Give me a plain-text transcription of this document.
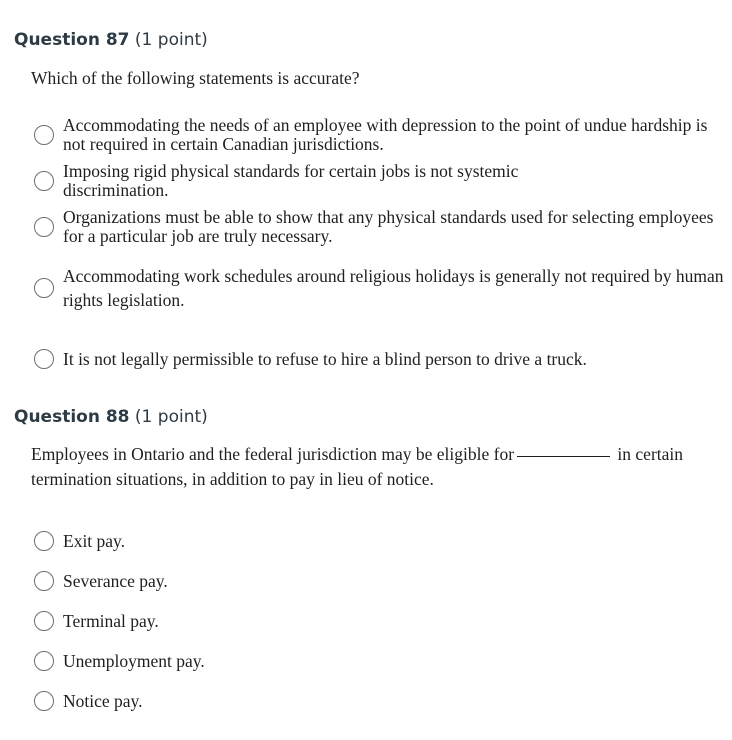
Question 87 (1 point)
Which of the following statements is accurate?
Accommodating the needs of an employee with depression to the point of undue hardship is not required in certain Canadian jurisdictions.
Imposing rigid physical standards for certain jobs is not systemic discrimination.
Organizations must be able to show that any physical standards used for selecting employees for a particular job are truly necessary.
Accommodating work schedules around religious holidays is generally not required by human rights legislation.
It is not legally permissible to refuse to hire a blind person to drive a truck.
Question 88 (1 point)
Employees in Ontario and the federal jurisdiction may be eligible for	in certain termination situations, in addition to pay in lieu of notice.
Exit pay.
Severance pay.
Terminal pay.
Unemployment pay.
Notice pay.
